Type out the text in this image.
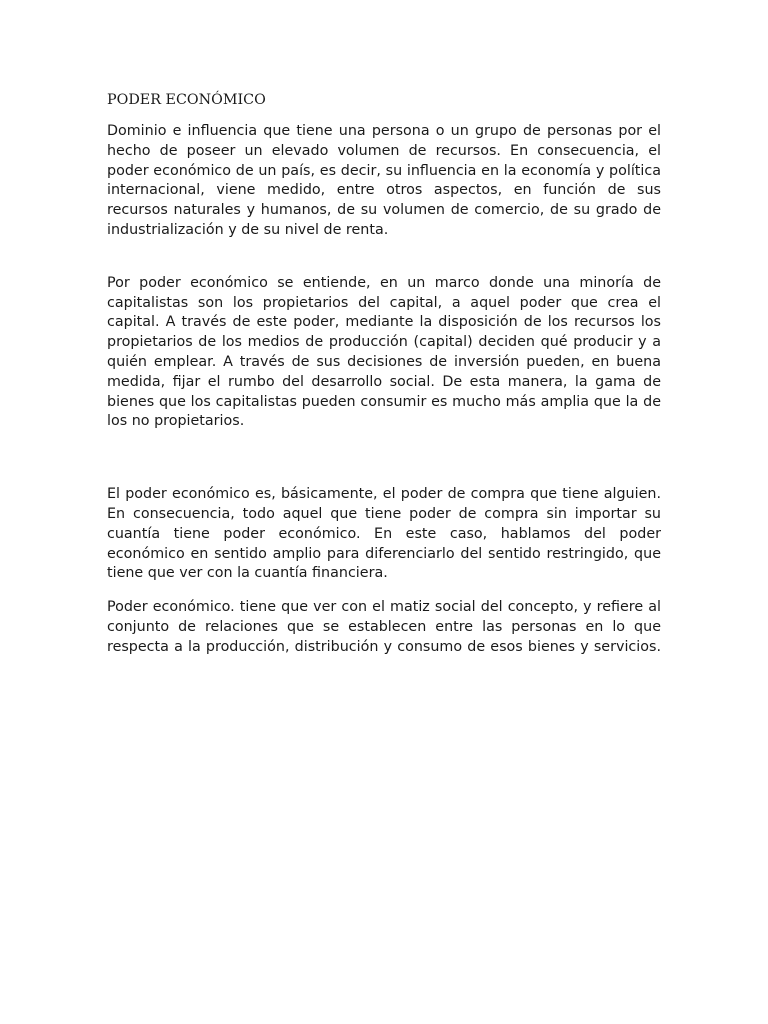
PODER ECONÓMICO

Dominio e influencia que tiene una persona o un grupo de personas por el hecho de poseer un elevado volumen de recursos. En consecuencia, el poder económico de un país, es decir, su influencia en la economía y política internacional, viene medido, entre otros aspectos, en función de sus recursos naturales y humanos, de su volumen de comercio, de su grado de industrialización y de su nivel de renta.

Por poder económico se entiende, en un marco donde una minoría de capitalistas son los propietarios del capital, a aquel poder que crea el capital. A través de este poder, mediante la disposición de los recursos los propietarios de los medios de producción (capital) deciden qué producir y a quién emplear. A través de sus decisiones de inversión pueden, en buena medida, fijar el rumbo del desarrollo social. De esta manera, la gama de bienes que los capitalistas pueden consumir es mucho más amplia que la de los no propietarios.

El poder económico es, básicamente, el poder de compra que tiene alguien. En consecuencia, todo aquel que tiene poder de compra sin importar su cuantía tiene poder económico. En este caso, hablamos del poder económico en sentido amplio para diferenciarlo del sentido restringido, que tiene que ver con la cuantía financiera.

Poder económico. tiene que ver con el matiz social del concepto, y refiere al conjunto de relaciones que se establecen entre las personas en lo que respecta a la producción, distribución y consumo de esos bienes y servicios.
